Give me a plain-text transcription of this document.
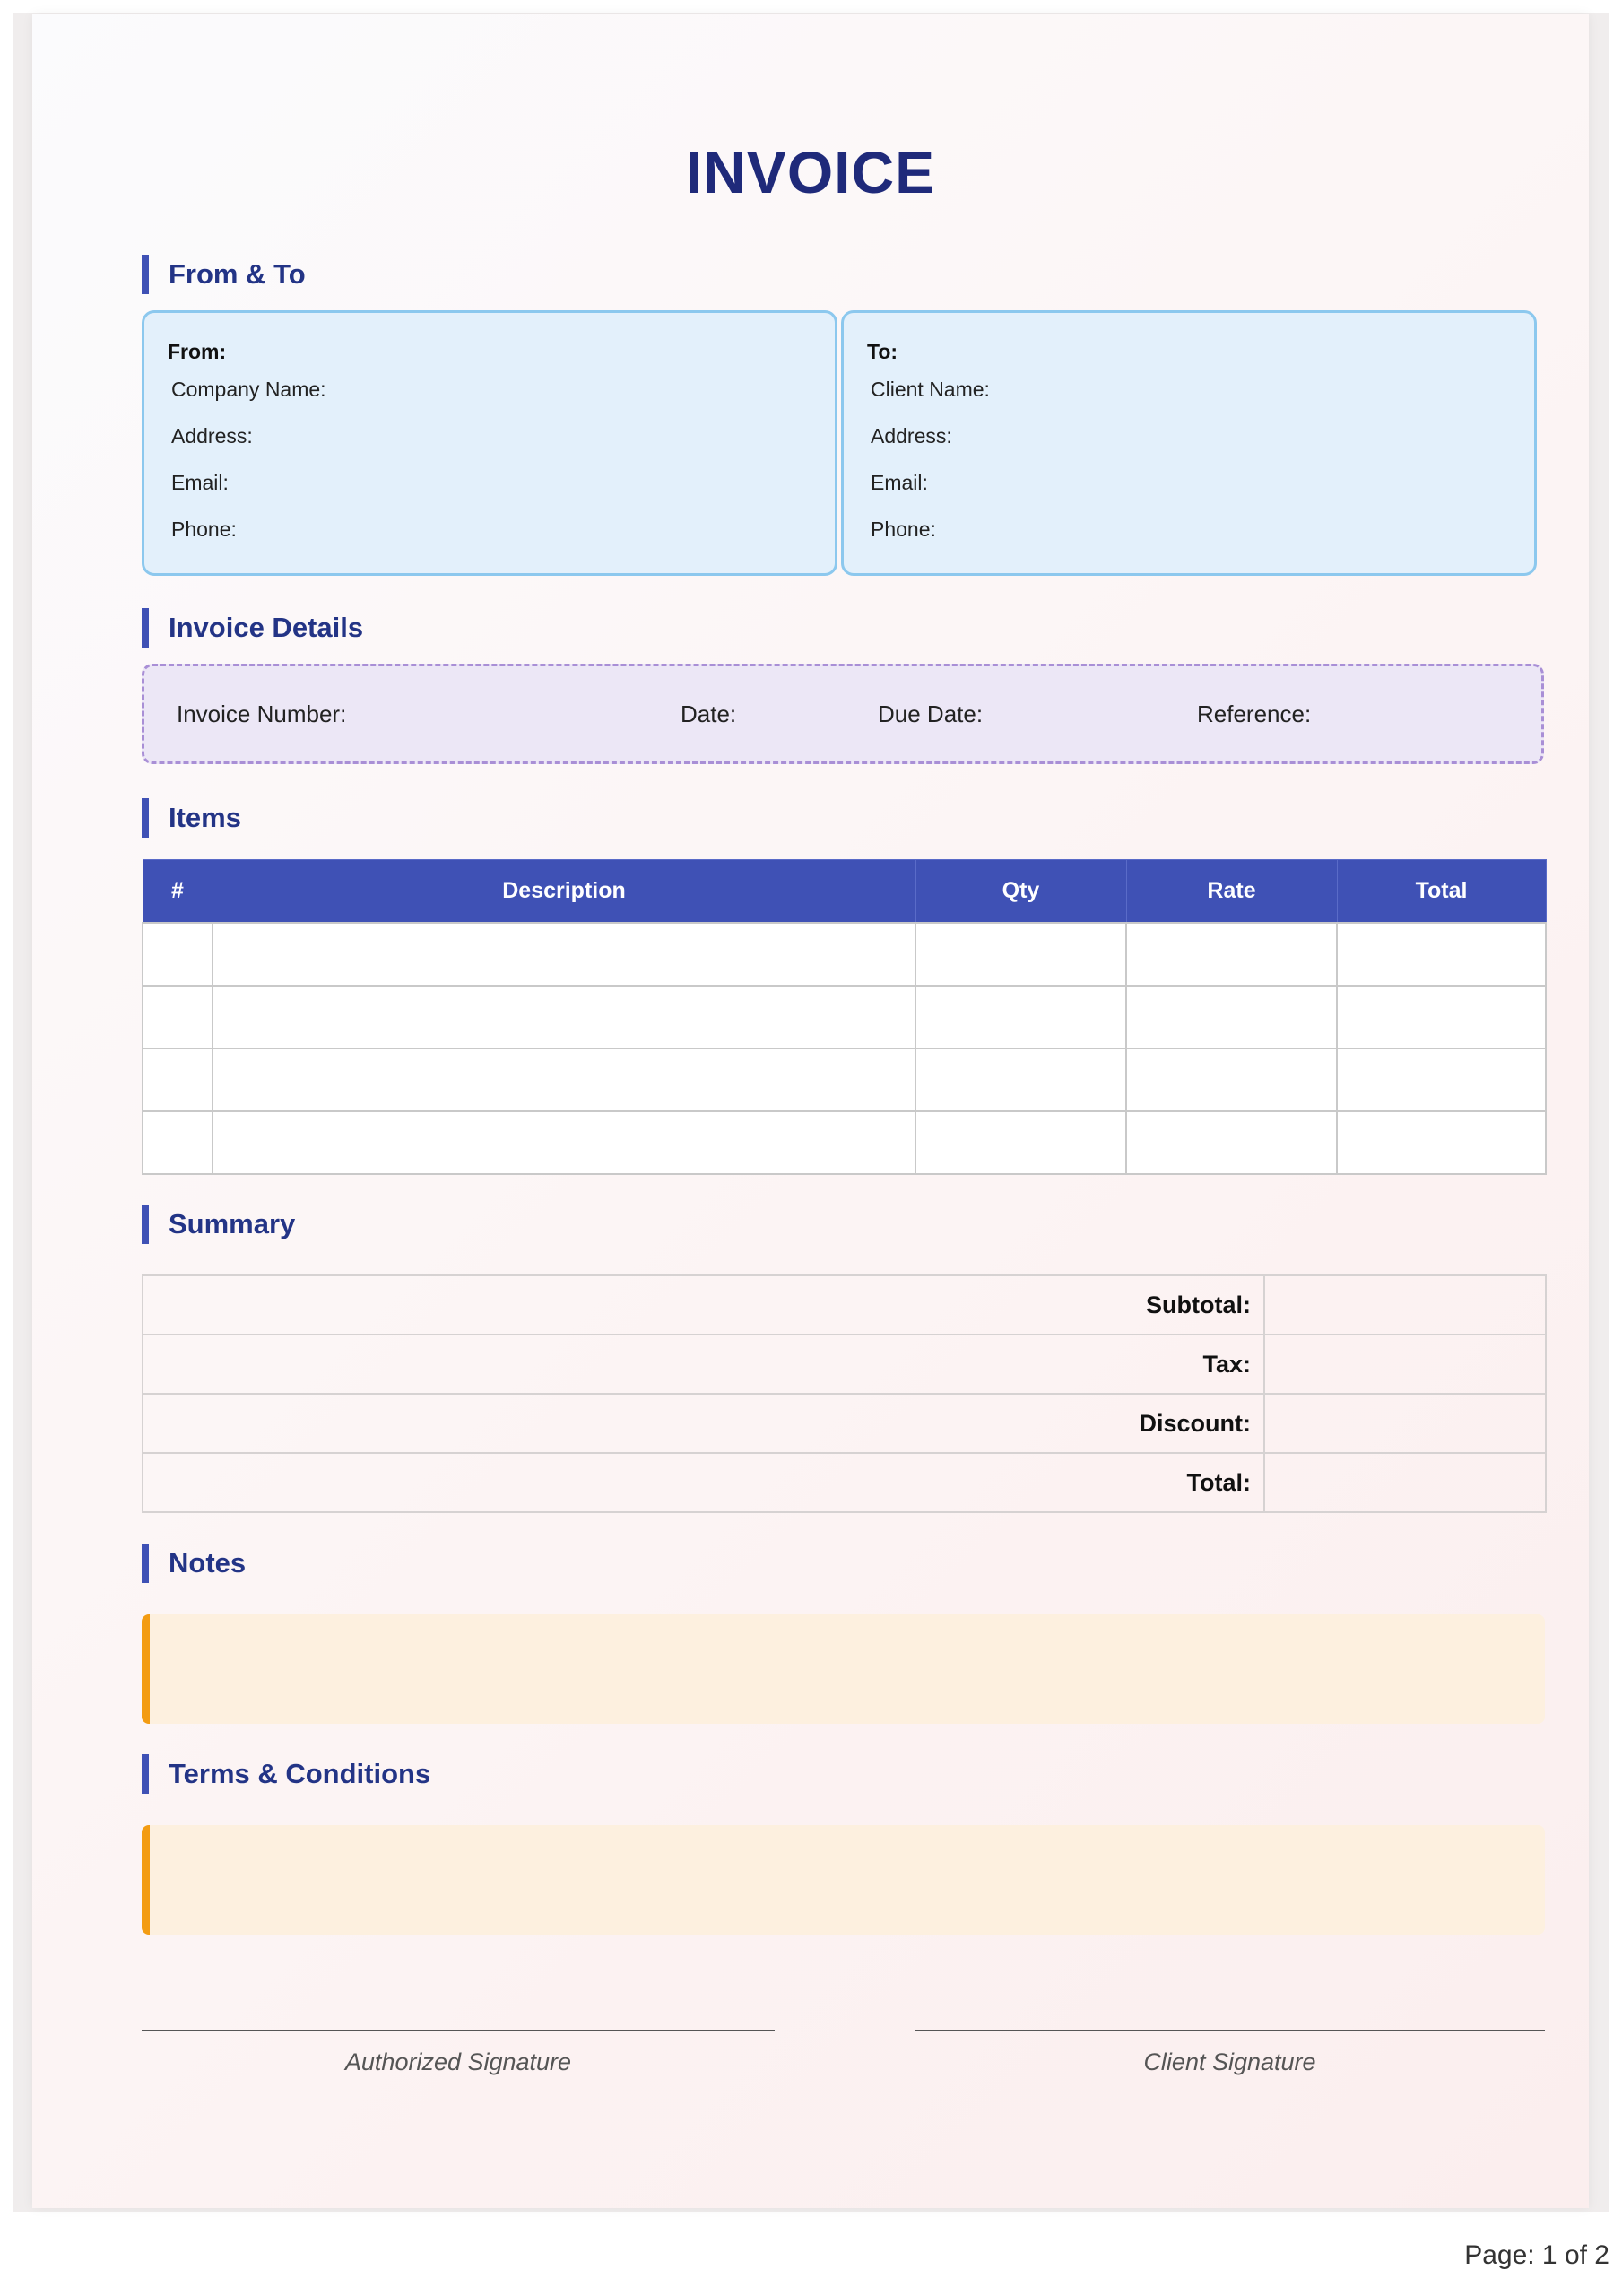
INVOICE
From & To
From:
Company Name:
Address:
Email:
Phone:
To:
Client Name:
Address:
Email:
Phone:
Invoice Details
Invoice Number:	Date:	Due Date:	Reference:
Items
#	Description	Qty	Rate	Total

Summary
Subtotal:	
Tax:	
Discount:	
Total:	
Notes
Terms & Conditions
Authorized Signature	Client Signature
Page: 1 of 2
